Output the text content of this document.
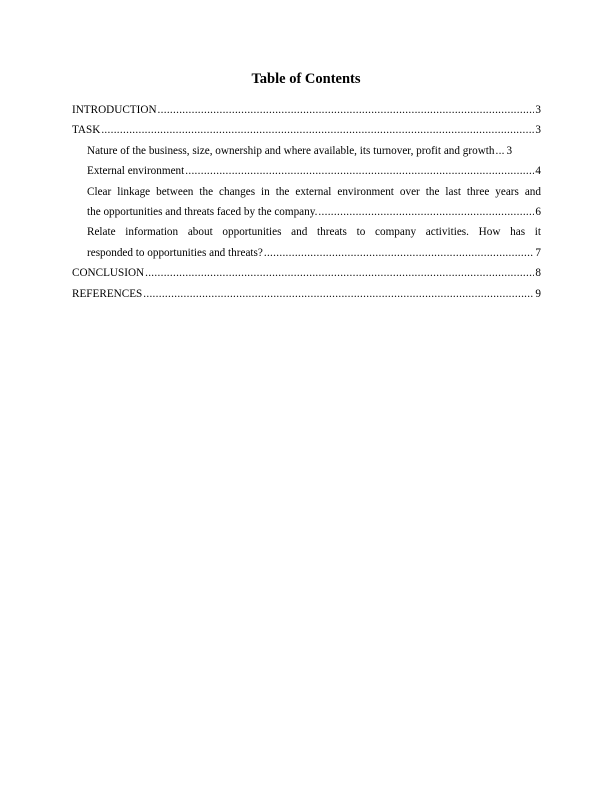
Table of Contents
INTRODUCTION .....	3
TASK .....	3
Nature of the business, size, ownership and where available, its turnover, profit and growth ..... 3
External environment .....	4
Clear linkage between the changes in the external environment over the last three years and
the opportunities and threats faced by the company. .....	6
Relate information about opportunities and threats to company activities. How has it
responded to opportunities and threats? .....	7
CONCLUSION .....	8
REFERENCES .....	9
